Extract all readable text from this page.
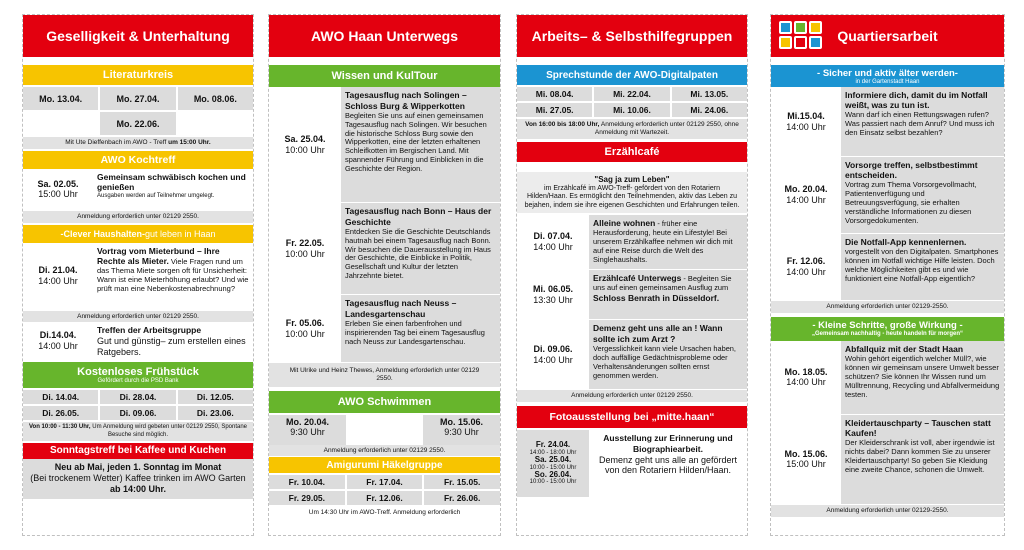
Geselligkeit & Unterhaltung
Literaturkreis
Mo. 13.04.	Mo. 27.04.	Mo. 08.06.
Mo. 22.06.
Mit Ute Dieffenbach im AWO - Treff um 15:00 Uhr.
AWO Kochtreff
Sa. 02.05.
15:00 Uhr
Gemeinsam schwäbisch kochen und genießen
Ausgaben werden auf Teilnehmer umgelegt.
Anmeldung erforderlich unter 02129 2550.
-Clever Haushalten- gut leben in Haan
Di. 21.04.
14:00 Uhr
Vortrag vom Mieterbund – Ihre Rechte als Mieter. Viele Fragen rund um das Thema Miete sorgen oft für Unsicherheit: Wann ist eine Mieterhöhung erlaubt? Und wie prüft man eine Nebenkostenabrechnung?
Anmeldung erforderlich unter 02129 2550.
Di.14.04.
14:00 Uhr
Treffen der Arbeitsgruppe
Gut und günstig– zum erstellen eines Ratgebers.
Kostenloses Frühstück
Gefördert durch die PSD Bank
Di. 14.04.	Di. 28.04.	Di. 12.05.
Di. 26.05.	Di. 09.06.	Di. 23.06.
Von 10:00 - 11:30 Uhr, Um Anmeldung wird gebeten unter 02129 2550, Spontane Besuche sind möglich.
Sonntagstreff bei Kaffee und Kuchen
Neu ab Mai, jeden 1. Sonntag im Monat
(Bei trockenem Wetter) Kaffee trinken im AWO Garten ab 14:00 Uhr.
AWO Haan Unterwegs
Wissen und KulTour
Sa. 25.04.
10:00 Uhr
Tagesausflug nach Solingen – Schloss Burg & Wipperkotten
Begleiten Sie uns auf einen gemeinsamen Tagesausflug nach Solingen. Wir besuchen die historische Schloss Burg sowie den Wipperkotten, eine der letzten erhaltenen Schleifkotten im Bergischen Land. Mit spannender Führung und Einblicken in die Geschichte der Region.
Fr. 22.05.
10:00 Uhr
Tagesausflug nach Bonn – Haus der Geschichte
Entdecken Sie die Geschichte Deutschlands hautnah bei einem Tagesausflug nach Bonn. Wir besuchen die Dauerausstellung im Haus der Geschichte, die Einblicke in Politik, Gesellschaft und Kultur der letzten Jahrzehnte bietet.
Fr. 05.06.
10:00 Uhr
Tagesausflug nach Neuss – Landesgartenschau
Erleben Sie einen farbenfrohen und inspirierenden Tag bei einem Tagesausflug nach Neuss zur Landesgartenschau.
Mit Ulrike und Heinz Thewes, Anmeldung erforderlich unter 02129 2550.
AWO Schwimmen
Mo. 20.04.
9:30 Uhr
Mo. 15.06.
9:30 Uhr
Anmeldung erforderlich unter 02129 2550.
Amigurumi Häkelgruppe
Fr. 10.04.	Fr. 17.04.	Fr. 15.05.
Fr. 29.05.	Fr. 12.06.	Fr. 26.06.
Um 14:30 Uhr im AWO-Treff. Anmeldung erforderlich
Arbeits– & Selbsthilfegruppen
Sprechstunde der AWO-Digitalpaten
Mi. 08.04.	Mi. 22.04.	Mi. 13.05.
Mi. 27.05.	Mi. 10.06.	Mi. 24.06.
Von 16:00 bis 18:00 Uhr, Anmeldung erforderlich unter 02129 2550, ohne Anmeldung mit Wartezeit.
Erzählcafé
"Sag ja zum Leben"
im Erzählcafé im AWO-Treff- gefördert von den Rotariern Hilden/Haan. Es ermöglicht den Teilnehmenden, aktiv das Leben zu bejahen, indem sie ihre eigenen Geschichten und Erfahrungen teilen.
Di. 07.04.
14:00 Uhr
Alleine wohnen - früher eine Herausforderung, heute ein Lifestyle! Bei unserem Erzählkaffee nehmen wir dich mit auf eine Reise durch die Welt des Singlehaushalts.
Mi. 06.05.
13:30 Uhr
Erzählcafé Unterwegs - Begleiten Sie uns auf einen gemeinsamen Ausflug zum Schloss Benrath in Düsseldorf.
Di. 09.06.
14:00 Uhr
Demenz geht uns alle an ! Wann sollte ich zum Arzt ?
Vergesslichkeit kann viele Ursachen haben, doch auffällige Gedächtnisprobleme oder Verhaltensänderungen sollten ernst genommen werden.
Anmeldung erforderlich unter 02129 2550.
Fotoausstellung bei „mitte.haan“
Fr. 24.04.
14:00 - 18:00 Uhr
Sa. 25.04.
10:00 - 15:00 Uhr
So. 26.04.
10:00 - 15:00 Uhr
Ausstellung zur Erinnerung und Biographiearbeit.
Demenz geht uns alle an gefördert von den Rotariern Hilden/Haan.
Quartiersarbeit
- Sicher und aktiv älter werden-
in der Gartenstadt Haan
Mi.15.04.
14:00 Uhr
Informiere dich, damit du im Notfall weißt, was zu tun ist.
Wann darf ich einen Rettungswagen rufen? Was passiert nach dem Anruf? Und muss ich den Einsatz selbst bezahlen?
Mo. 20.04.
14:00 Uhr
Vorsorge treffen, selbstbestimmt entscheiden.
Vortrag zum Thema Vorsorgevollmacht, Patientenverfügung und Betreuungsverfügung, sie erhalten verständliche Informationen zu diesen Vorsorgedokumenten.
Fr. 12.06.
14:00 Uhr
Die Notfall-App kennenlernen.
vorgestellt von den Digitalpaten. Smartphones können im Notfall wichtige Hilfe leisten. Doch welche Möglichkeiten gibt es und wie funktioniert eine Notfall-App eigentlich?
Anmeldung erforderlich unter 02129-2550.
- Kleine Schritte, große Wirkung -
„Gemeinsam nachhaltig - heute handeln für morgen“
Mo. 18.05.
14:00 Uhr
Abfallquiz mit der Stadt Haan
Wohin gehört eigentlich welcher Müll?, wie können wir gemeinsam unsere Umwelt besser schützen? Sie können Ihr Wissen rund um Mülltrennung, Recycling und Abfallvermeidung testen.
Mo. 15.06.
15:00 Uhr
Kleidertauschparty – Tauschen statt Kaufen!
Der Kleiderschrank ist voll, aber irgendwie ist nichts dabei? Dann kommen Sie zu unserer Kleidertauschparty! So geben Sie Kleidung eine zweite Chance, schonen die Umwelt.
Anmeldung erforderlich unter 02129-2550.
